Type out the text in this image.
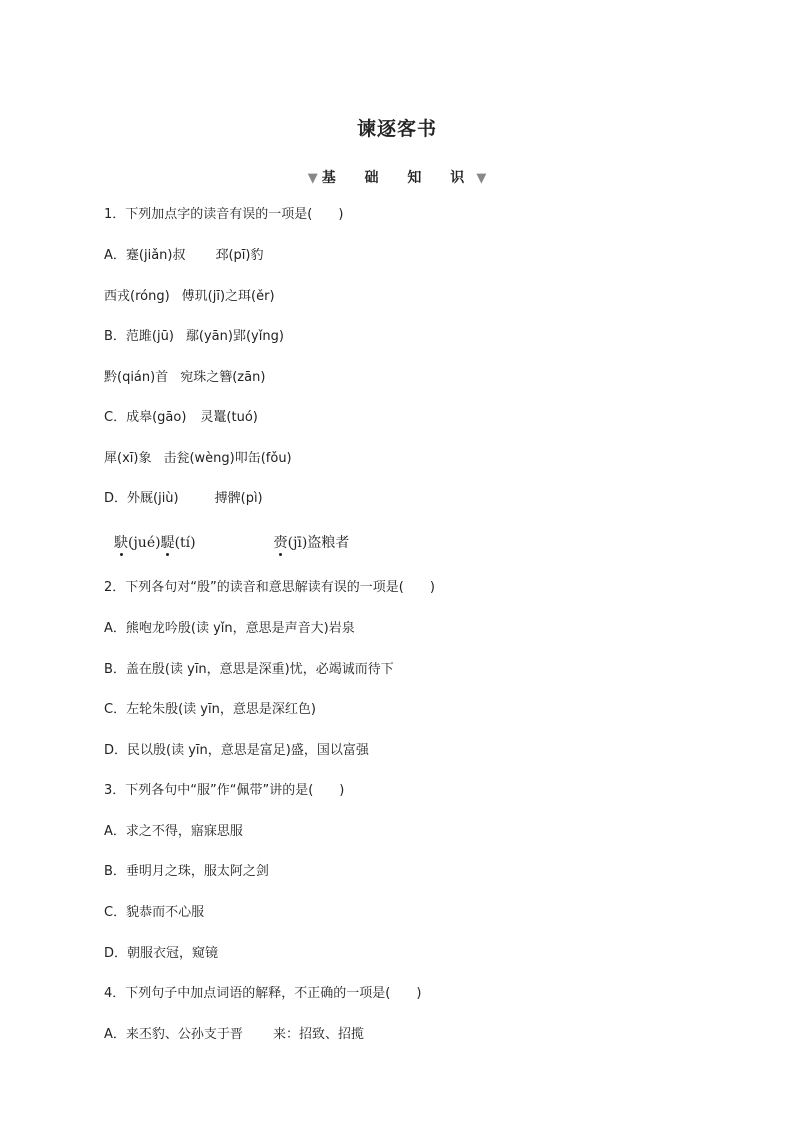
谏逐客书
▼ 基 础 知 识▼
1．下列加点字的读音有误的一项是(　　)
A．蹇(jiǎn)叔 邳(pī)豹
西戎(róng) 傅玑(jī)之珥(ěr)
B．范雎(jū) 鄢(yān)郢(yǐng)
黔(qián)首 宛珠之簪(zān)
C．成皋(gāo) 灵鼍(tuó)
犀(xī)象 击瓮(wèng)叩缶(fǒu)
D．外厩(jiù)	搏髀(pì)
駃(jué)騠(tí)	赍(jī)盗粮者
2．下列各句对“殷”的读音和意思解读有误的一项是(　　)
A．熊咆龙吟殷(读 yǐn，意思是声音大)岩泉
B．盖在殷(读 yīn，意思是深重)忧，必竭诚而待下
C．左轮朱殷(读 yīn，意思是深红色)
D．民以殷(读 yīn，意思是富足)盛，国以富强
3．下列各句中“服”作“佩带”讲的是(　　)
A．求之不得，寤寐思服
B．垂明月之珠，服太阿之剑
C．貌恭而不心服
D．朝服衣冠，窥镜
4．下列句子中加点词语的解释，不正确的一项是(　　)
A．来丕豹、公孙支于晋 来：招致、招揽
